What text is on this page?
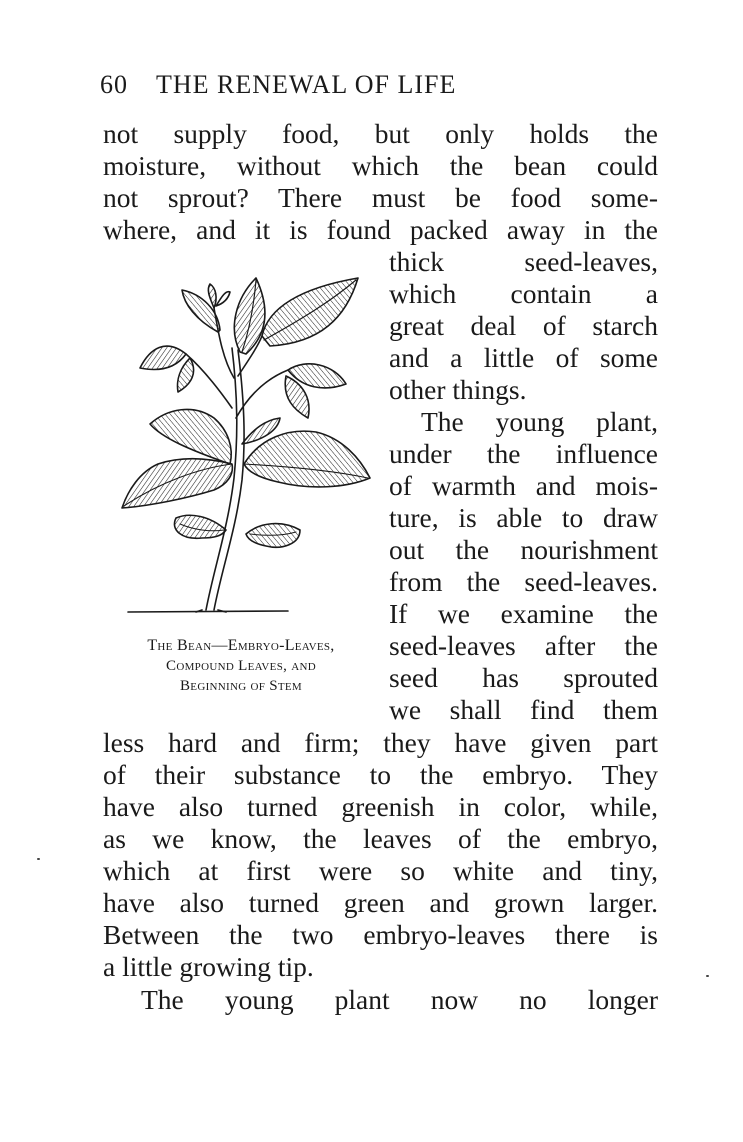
60 THE RENEWAL OF LIFE
not supply food, but only holds the
moisture, without which the bean could
not sprout? There must be food some-
where, and it is found packed away in the
thick seed-leaves,
which contain a
great deal of starch
and a little of some
other things.
The young plant,
under the influence
of warmth and mois-
ture, is able to draw
out the nourishment
from the seed-leaves.
If we examine the
seed-leaves after the
seed has sprouted
we shall find them
less hard and firm; they have given part
of their substance to the embryo. They
have also turned greenish in color, while,
as we know, the leaves of the embryo,
which at first were so white and tiny,
have also turned green and grown larger.
Between the two embryo-leaves there is
a little growing tip.
The young plant now no longer
The Bean—Embryo-Leaves,
Compound Leaves, and
Beginning of Stem
